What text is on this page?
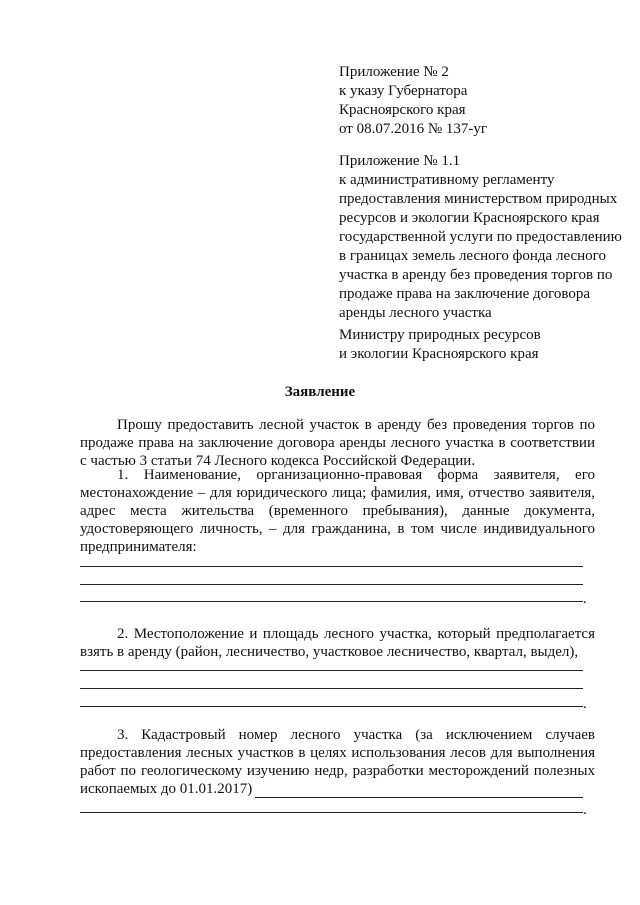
Приложение № 2
к указу Губернатора
Красноярского края
от 08.07.2016 № 137-уг
Приложение № 1.1
к административному регламенту
предоставления министерством природных
ресурсов и экологии Красноярского края
государственной услуги по предоставлению
в границах земель лесного фонда лесного
участка в аренду без проведения торгов по
продаже права на заключение договора
аренды лесного участка
Министру природных ресурсов
и экологии Красноярского края
Заявление
Прошу предоставить лесной участок в аренду без проведения торгов по
продаже права на заключение договора аренды лесного участка в соответствии
с частью 3 статьи 74 Лесного кодекса Российской Федерации.
1. Наименование, организационно-правовая форма заявителя, его
местонахождение – для юридического лица; фамилия, имя, отчество заявителя,
адрес места жительства (временного пребывания), данные документа,
удостоверяющего личность, – для гражданина, в том числе индивидуального
предпринимателя:
.
2. Местоположение и площадь лесного участка, который предполагается
взять в аренду (район, лесничество, участковое лесничество, квартал, выдел),
.
3. Кадастровый номер лесного участка (за исключением случаев
предоставления лесных участков в целях использования лесов для выполнения
работ по геологическому изучению недр, разработки месторождений полезных
ископаемых до 01.01.2017)
.
